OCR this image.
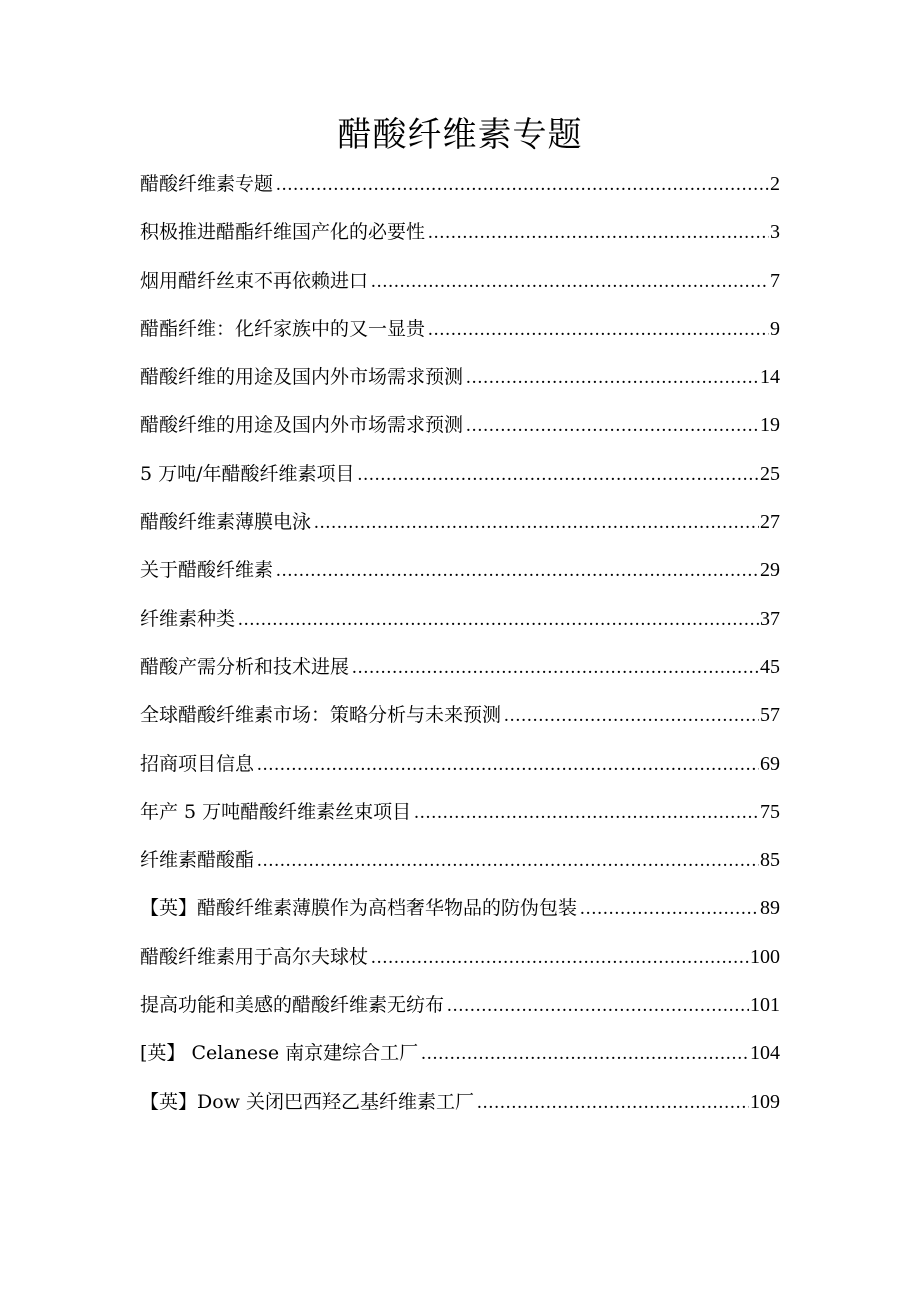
醋酸纤维素专题
醋酸纤维素专题 .....	2
积极推进醋酯纤维国产化的必要性 .....	3
烟用醋纤丝束不再依赖进口 .....	7
醋酯纤维：化纤家族中的又一显贵 .....	9
醋酸纤维的用途及国内外市场需求预测 .....	14
醋酸纤维的用途及国内外市场需求预测 .....	19
5 万吨/年醋酸纤维素项目 .....	25
醋酸纤维素薄膜电泳 .....	27
关于醋酸纤维素 .....	29
纤维素种类 .....	37
醋酸产需分析和技术进展 .....	45
全球醋酸纤维素市场：策略分析与未来预测 .....	57
招商项目信息 .....	69
年产 5 万吨醋酸纤维素丝束项目 .....	75
纤维素醋酸酯 .....	85
【英】醋酸纤维素薄膜作为高档奢华物品的防伪包装 .....	89
醋酸纤维素用于高尔夫球杖 .....	100
提高功能和美感的醋酸纤维素无纺布 .....	101
[英】 Celanese 南京建综合工厂 .....	104
【英】Dow 关闭巴西羟乙基纤维素工厂 .....	109
